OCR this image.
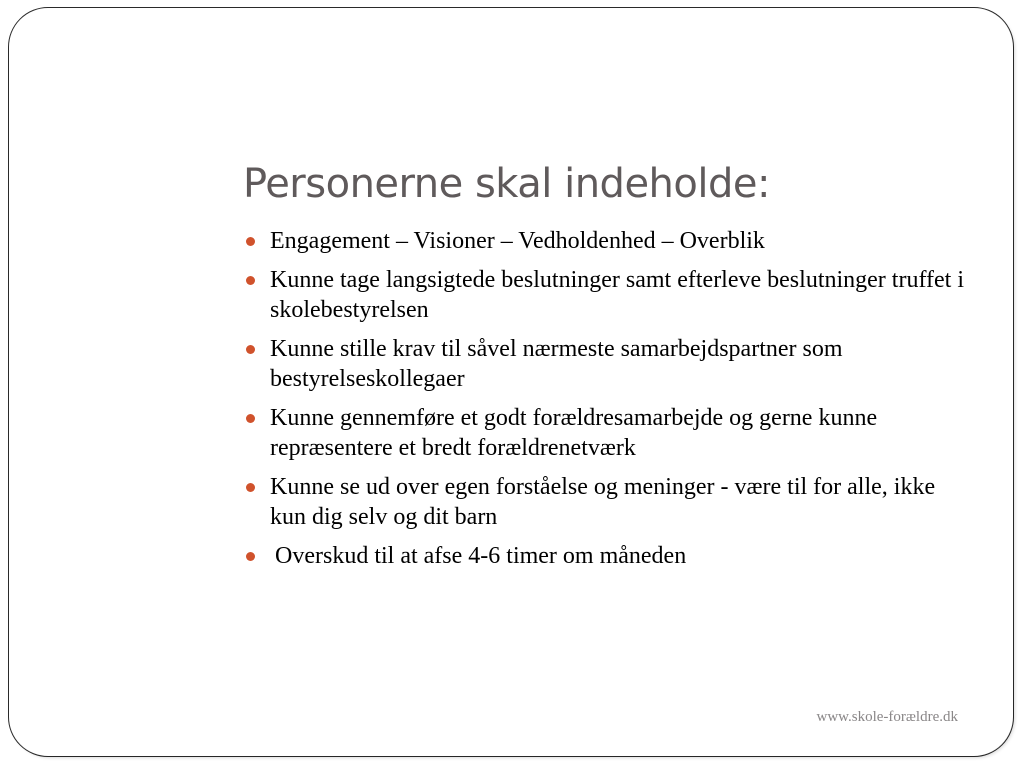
Personerne skal indeholde:
Engagement – Visioner – Vedholdenhed – Overblik
Kunne tage langsigtede beslutninger samt efterleve beslutninger truffet i skolebestyrelsen
Kunne stille krav til såvel nærmeste samarbejdspartner som bestyrelseskollegaer
Kunne gennemføre et godt forældresamarbejde og gerne kunne repræsentere et bredt forældrenetværk
Kunne se ud over egen forståelse og meninger - være til for alle, ikke kun dig selv og dit barn
Overskud til at afse 4-6 timer om måneden
www.skole-forældre.dk
